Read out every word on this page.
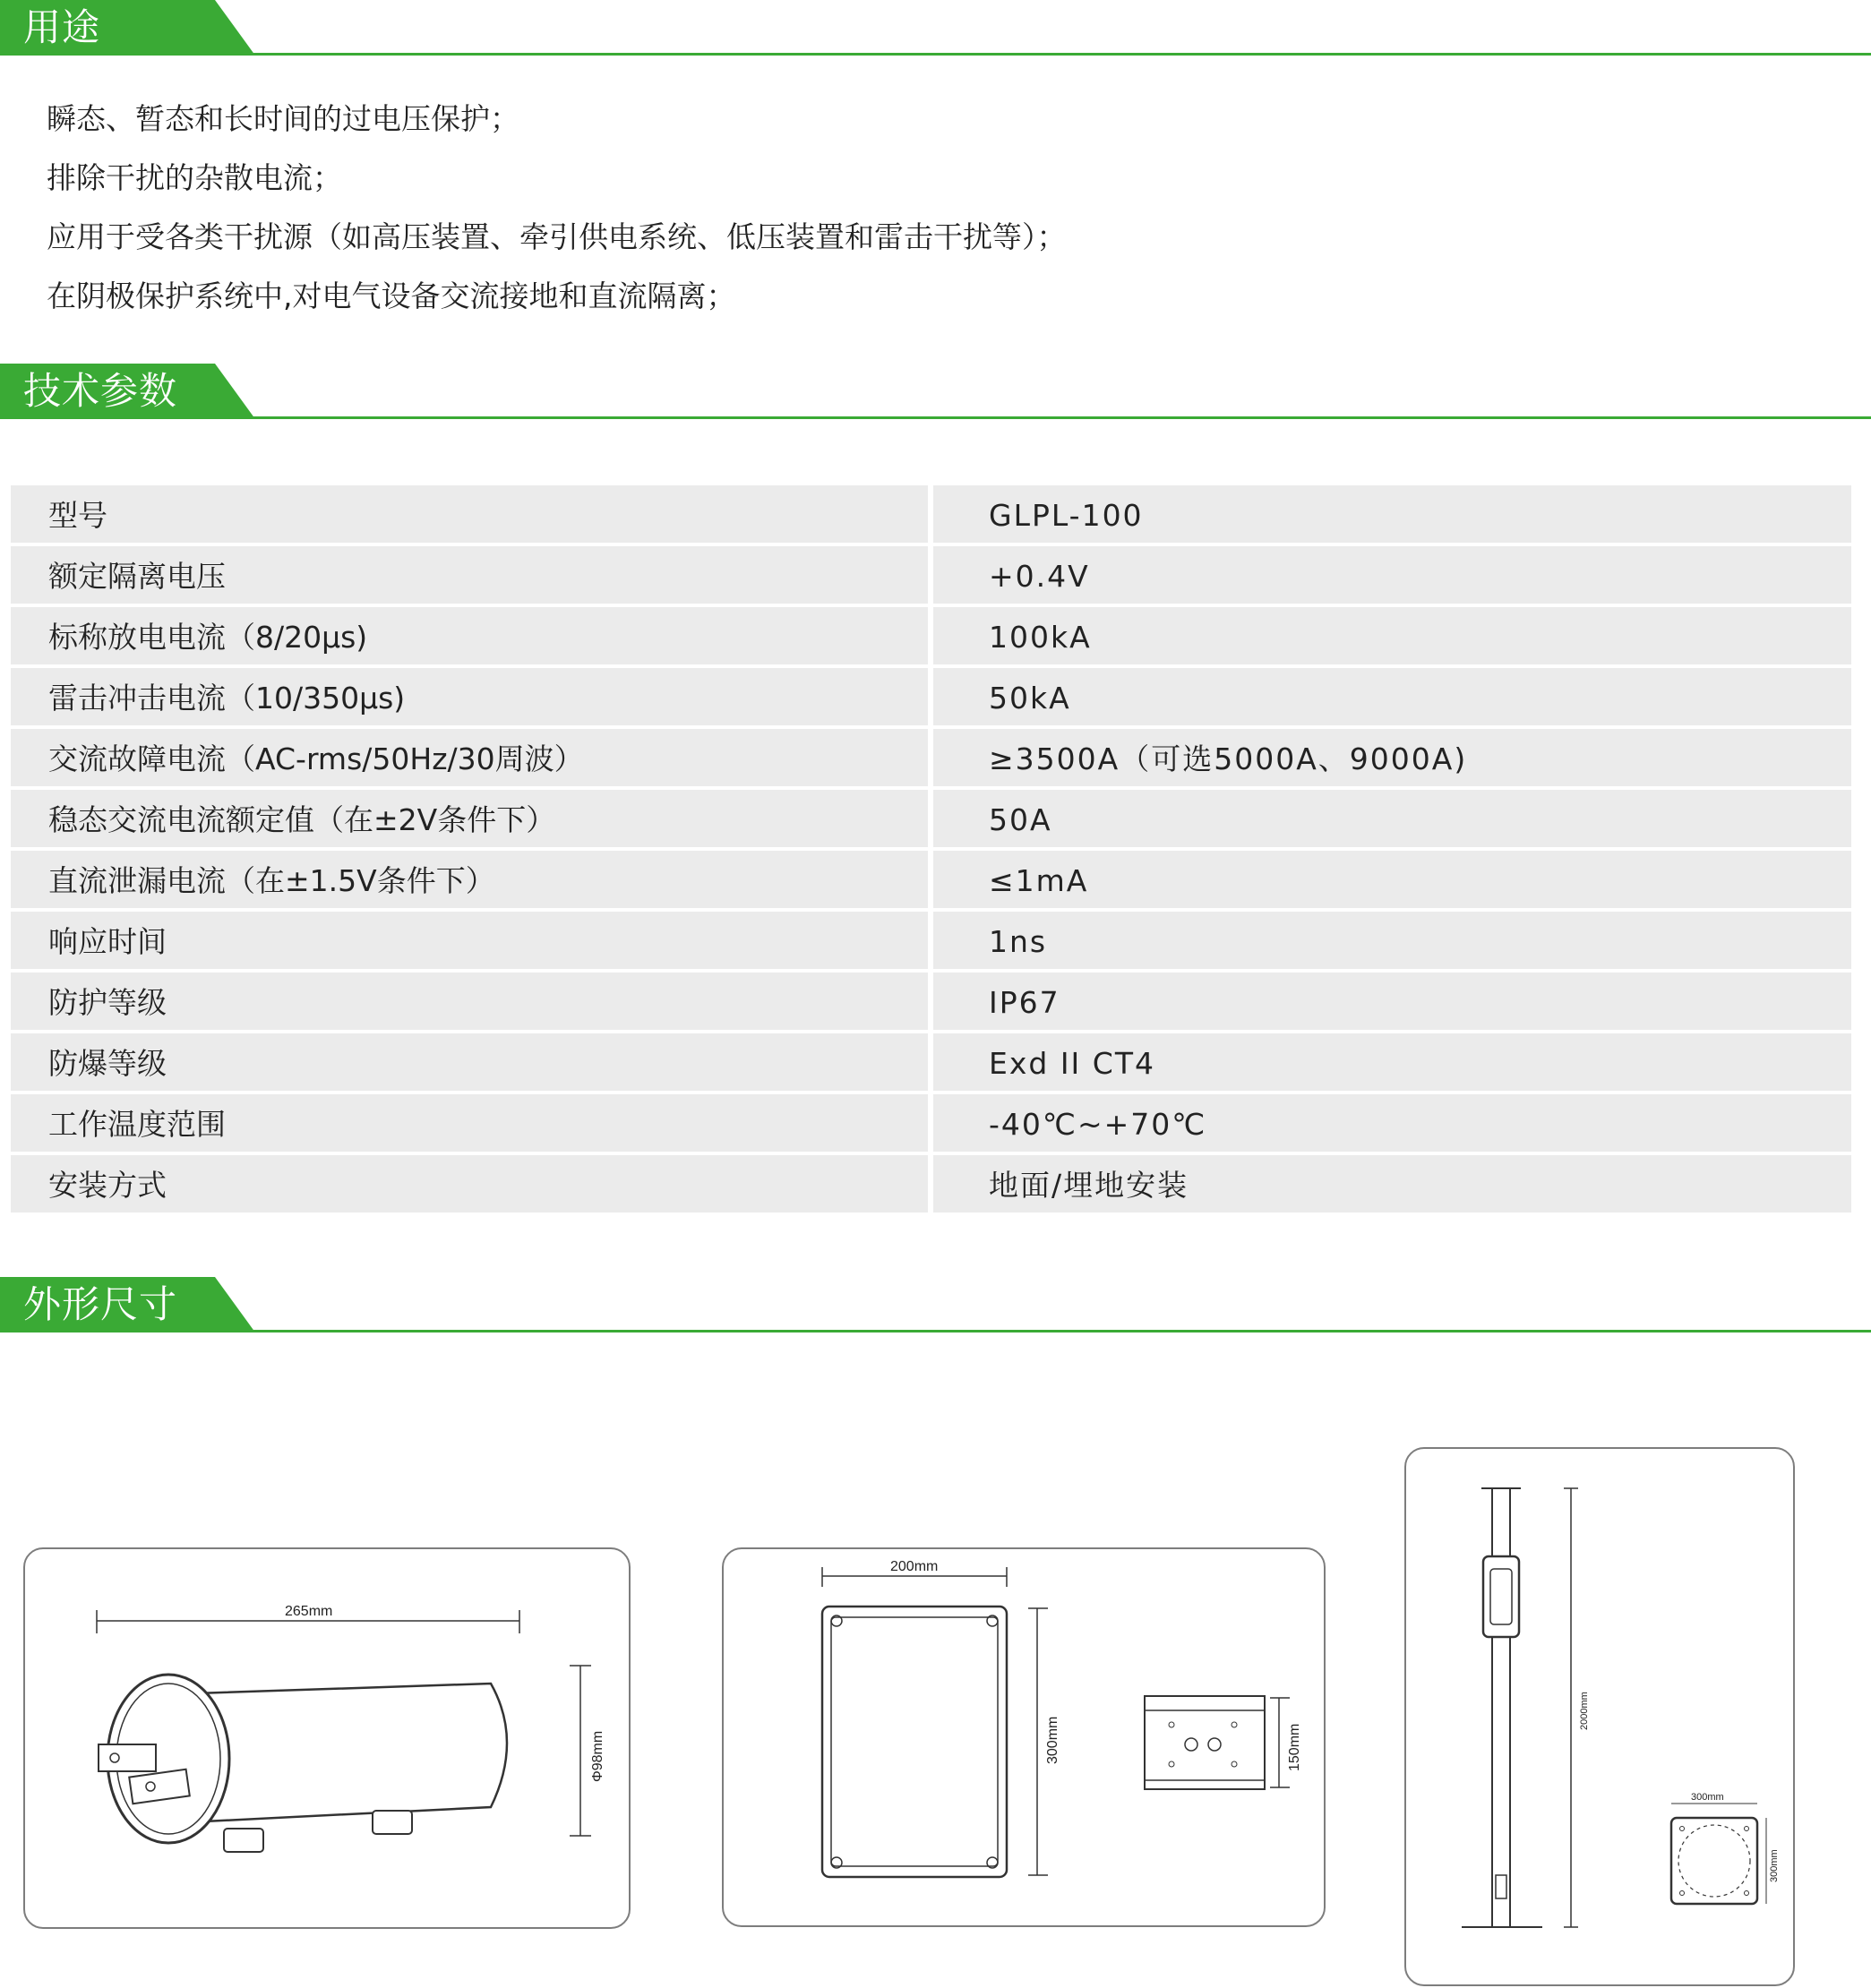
用途
瞬态、暂态和长时间的过电压保护；
排除干扰的杂散电流；
应用于受各类干扰源（如高压装置、牵引供电系统、低压装置和雷击干扰等）；
在阴极保护系统中,对电气设备交流接地和直流隔离；
技术参数
型号	GLPL-100
额定隔离电压	+0.4V
标称放电电流（8/20μs)	100kA
雷击冲击电流（10/350μs)	50kA
交流故障电流（AC-rms/50Hz/30周波）	≥3500A（可选5000A、9000A)
稳态交流电流额定值（在±2V条件下）	50A
直流泄漏电流（在±1.5V条件下）	≤1mA
响应时间	1ns
防护等级	IP67
防爆等级	Exd II CT4
工作温度范围	-40℃~+70℃
安装方式	地面/埋地安装
外形尺寸
265mm
Φ98mm
200mm
300mm	150mm
2000mm
300mm
300mm
